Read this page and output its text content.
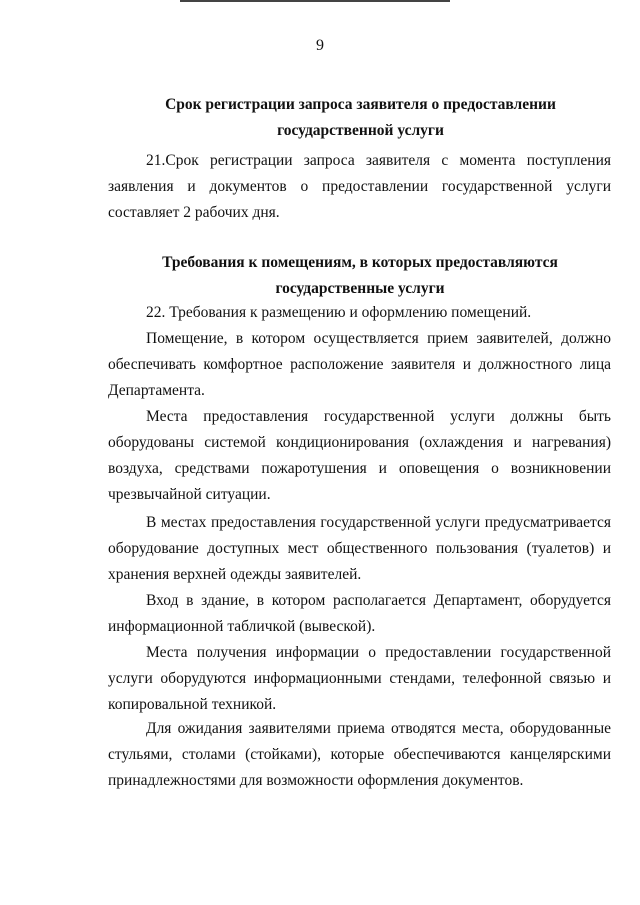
9
Срок регистрации запроса заявителя о предоставлении государственной услуги

21.Срок регистрации запроса заявителя с момента поступления заявления и документов о предоставлении государственной услуги составляет 2 рабочих дня.

Требования к помещениям, в которых предоставляются государственные услуги

22. Требования к размещению и оформлению помещений.

Помещение, в котором осуществляется прием заявителей, должно обеспечивать комфортное расположение заявителя и должностного лица Департамента.

Места предоставления государственной услуги должны быть оборудованы системой кондиционирования (охлаждения и нагревания) воздуха, средствами пожаротушения и оповещения о возникновении чрезвычайной ситуации.

В местах предоставления государственной услуги предусматривается оборудование доступных мест общественного пользования (туалетов) и хранения верхней одежды заявителей.

Вход в здание, в котором располагается Департамент, оборудуется информационной табличкой (вывеской).

Места получения информации о предоставлении государственной услуги оборудуются информационными стендами, телефонной связью и копировальной техникой.

Для ожидания заявителями приема отводятся места, оборудованные стульями, столами (стойками), которые обеспечиваются канцелярскими принадлежностями для возможности оформления документов.
